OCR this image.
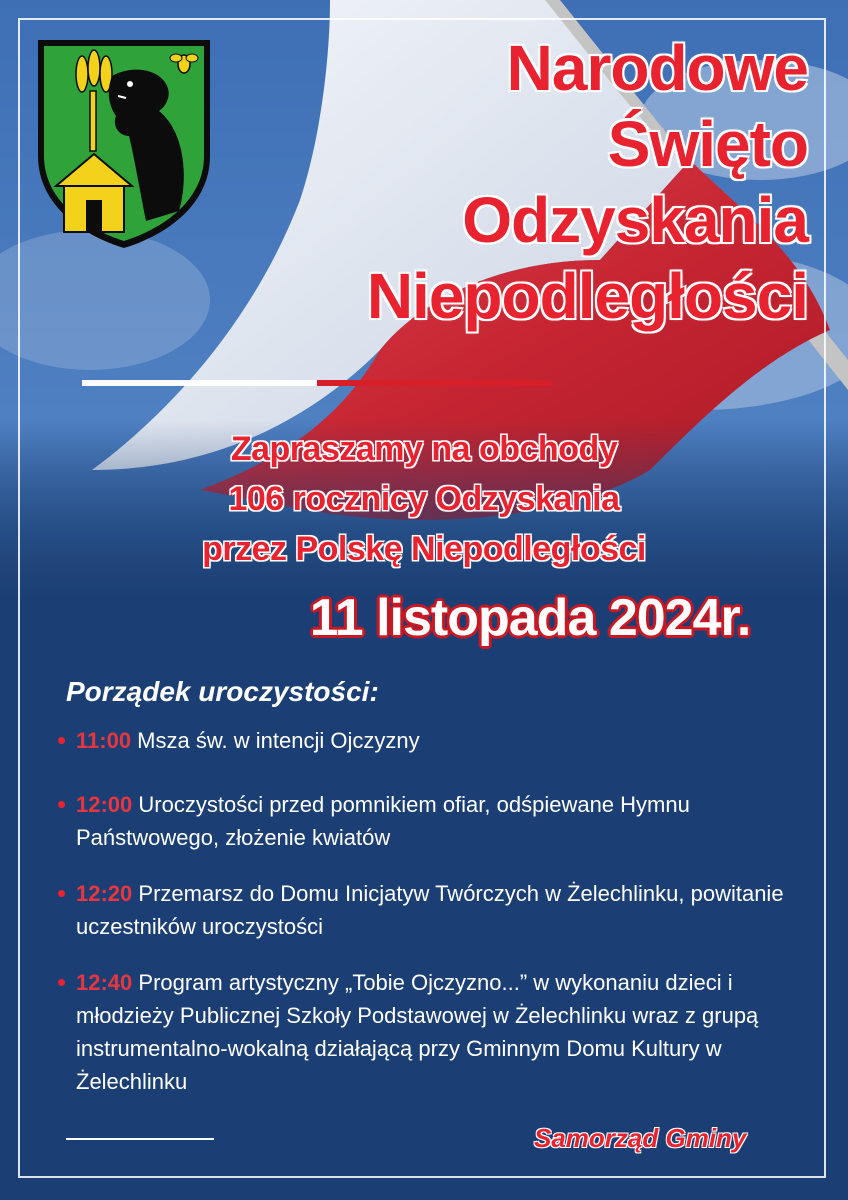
Narodowe
Święto
Odzyskania
Niepodległości

Zapraszamy na obchody
106 rocznicy Odzyskania
przez Polskę Niepodległości

11 listopada 2024r.

Porządek uroczystości:
11:00 Msza św. w intencji Ojczyzny
12:00 Uroczystości przed pomnikiem ofiar, odśpiewane Hymnu Państwowego, złożenie kwiatów
12:20 Przemarsz do Domu Inicjatyw Twórczych w Żelechlinku, powitanie uczestników uroczystości
12:40 Program artystyczny „Tobie Ojczyzno...” w wykonaniu dzieci i młodzieży Publicznej Szkoły Podstawowej w Żelechlinku wraz z grupą instrumentalno-wokalną działającą przy Gminnym Domu Kultury w Żelechlinku

Samorząd Gminy
